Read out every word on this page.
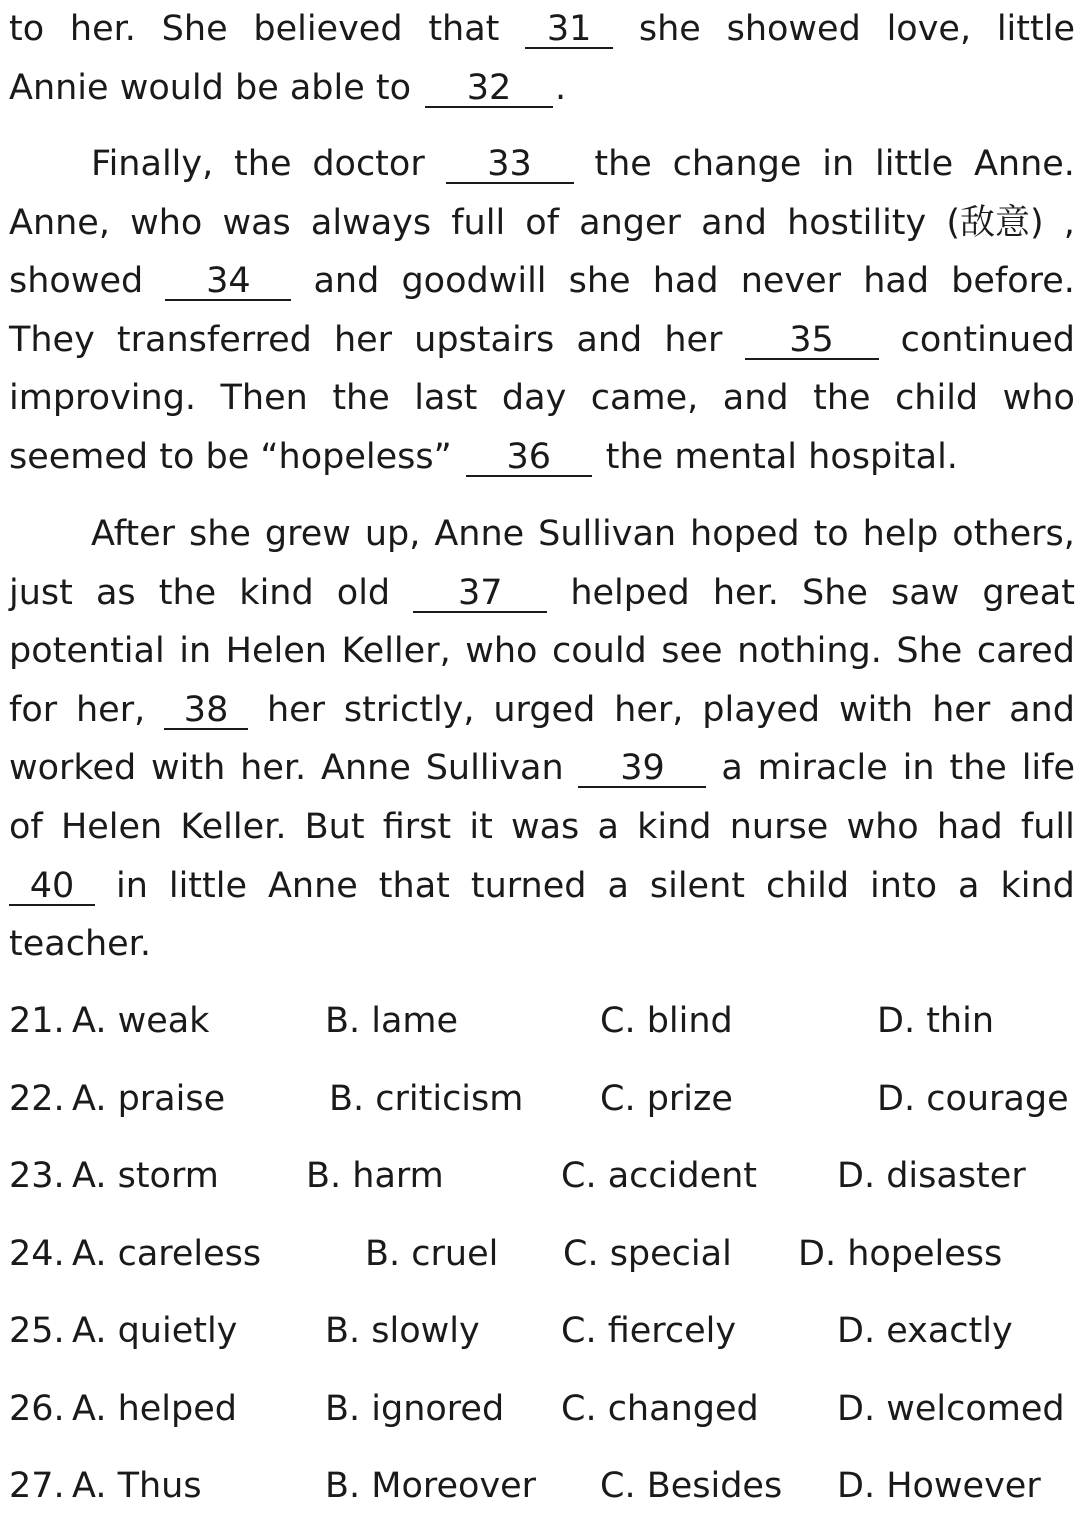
to her. She believed that	31	she showed love, little
Annie would be able to	32	.
Finally, the doctor	33	the change in little Anne.
Anne, who was always full of anger and hostility (敌意) ,
showed	34	and goodwill she had never had before.
They transferred her upstairs and her	35	continued
improving. Then the last day came, and the child who
seemed to be “hopeless”	36	the mental hospital.
After she grew up, Anne Sullivan hoped to help others,
just as the kind old	37	helped her. She saw great
potential in Helen Keller, who could see nothing. She cared
for her,	38	her strictly, urged her, played with her and
worked with her. Anne Sullivan	39	a miracle in the life
of Helen Keller. But first it was a kind nurse who had full
40	in little Anne that turned a silent child into a kind
teacher.
21. A. weak	B. lame	C. blind	D. thin
22. A. praise	B. criticism C. prize	D. courage
23. A. storm B. harm	C. accident D. disaster
24. A. careless	B. cruel C. special D. hopeless
25. A. quietly	B. slowly C. fiercely	D. exactly
26. A. helped	B. ignored C. changed D. welcomed
27. A. Thus	B. Moreover C. Besides D. However
